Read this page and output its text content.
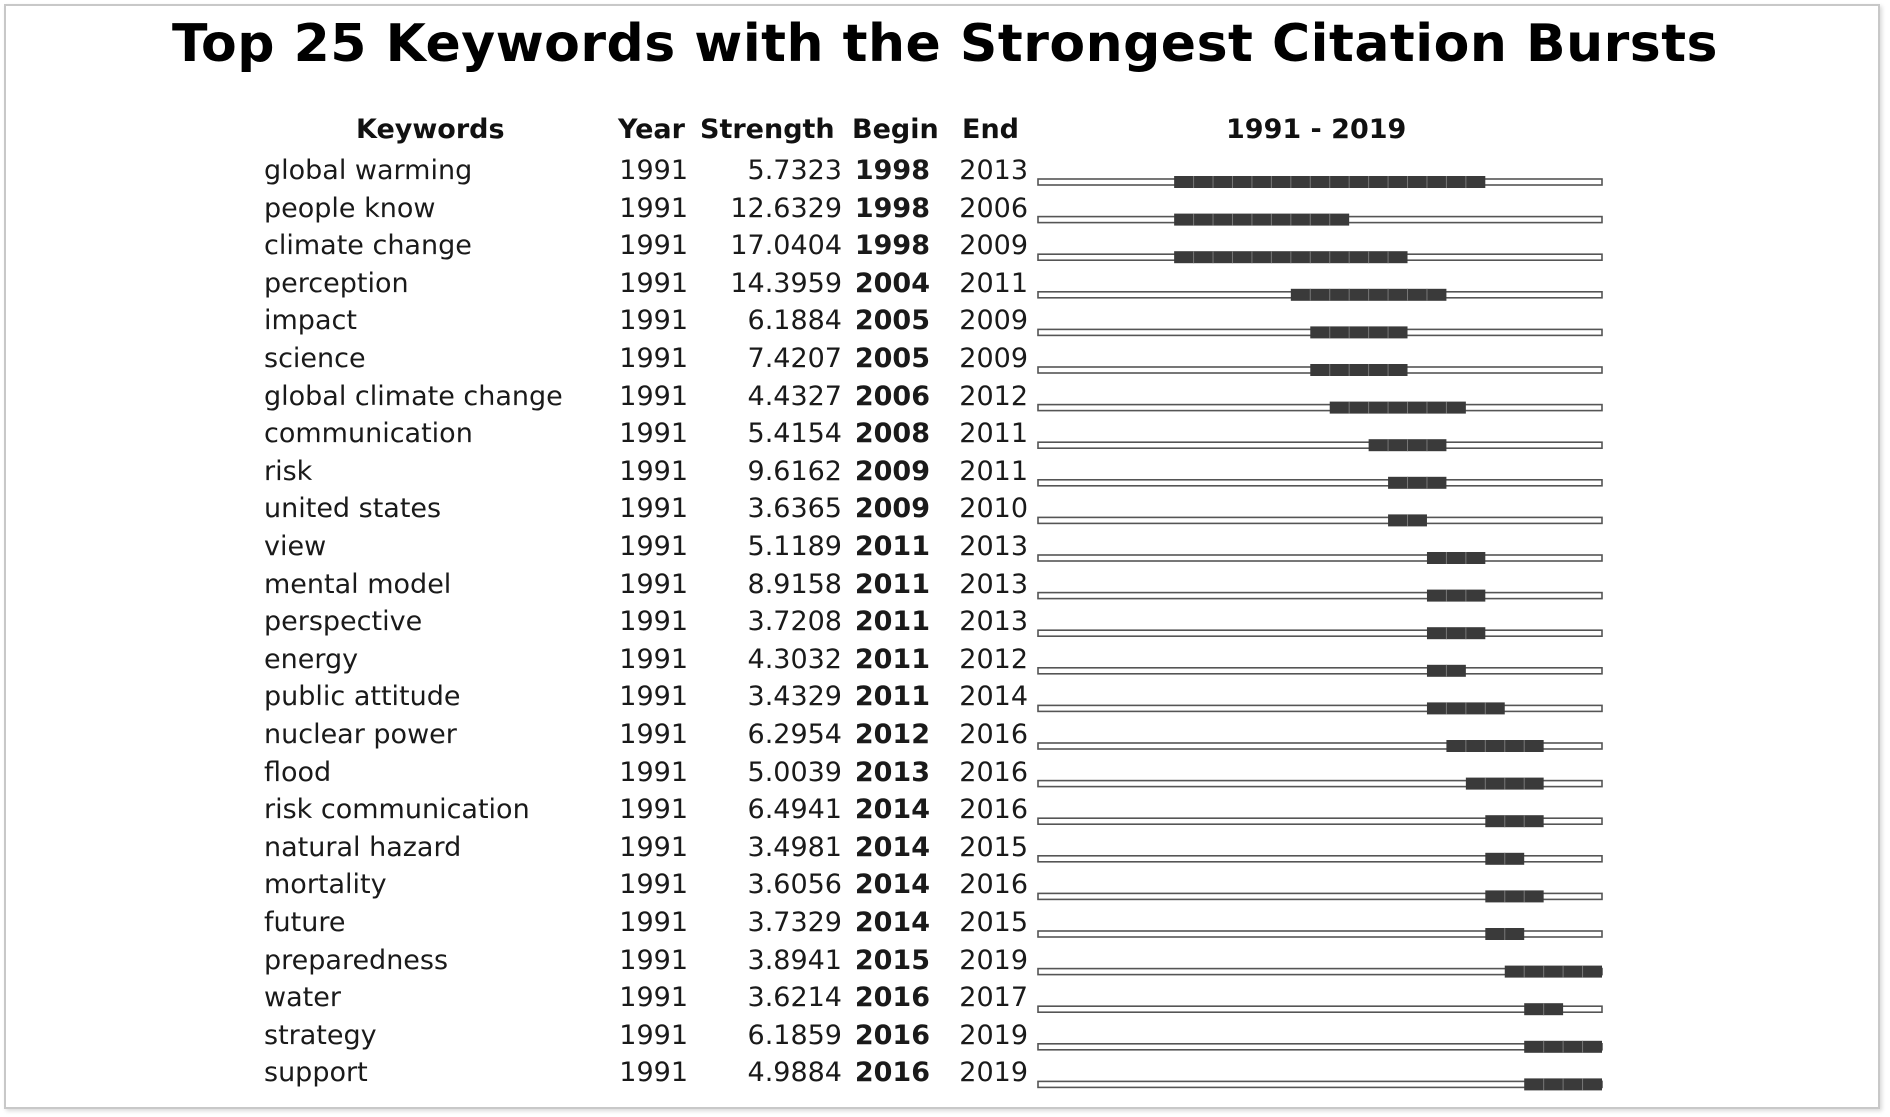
Top 25 Keywords with the Strongest Citation Bursts
Keywords	Year Strength Begin End	1991 - 2019
global warming	1991 5.7323 1998 2013
people know	1991 12.6329 1998 2006
climate change	1991 17.0404 1998 2009
perception	1991 14.3959 2004 2011
impact	1991 6.1884 2005 2009
science	1991 7.4207 2005 2009
global climate change 1991 4.4327 2006 2012
communication	1991 5.4154 2008 2011
risk	1991 9.6162 2009 2011
united states	1991 3.6365 2009 2010
view	1991 5.1189 2011 2013
mental model	1991 8.9158 2011 2013
perspective	1991 3.7208 2011 2013
energy	1991 4.3032 2011 2012
public attitude	1991 3.4329 2011 2014
nuclear power	1991 6.2954 2012 2016
flood	1991 5.0039 2013 2016
risk communication	1991 6.4941 2014 2016
natural hazard	1991 3.4981 2014 2015
mortality	1991 3.6056 2014 2016
future	1991 3.7329 2014 2015
preparedness	1991 3.8941 2015 2019
water	1991 3.6214 2016 2017
strategy	1991 6.1859 2016 2019
support	1991 4.9884 2016 2019
